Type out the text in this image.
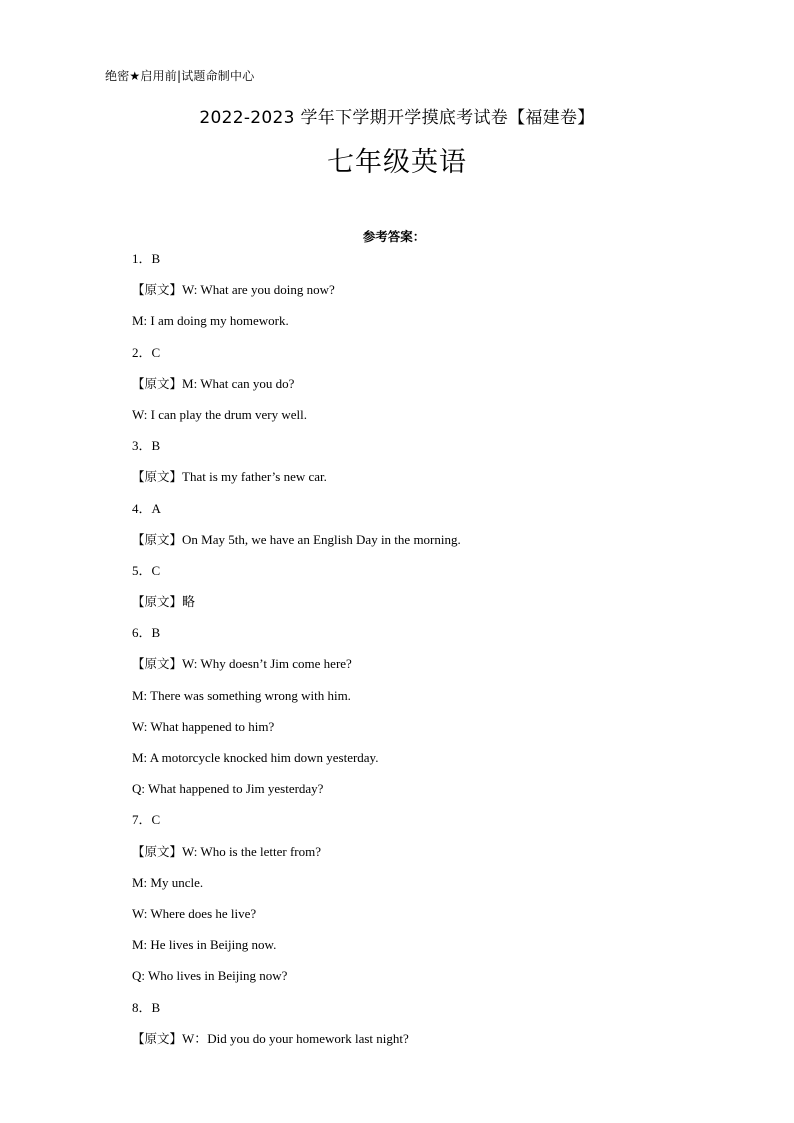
绝密★启用前|试题命制中心
2022-2023 学年下学期开学摸底考试卷【福建卷】
七年级英语
参考答案：
1．B
【原文】W: What are you doing now?
M: I am doing my homework.
2．C
【原文】M: What can you do?
W: I can play the drum very well.
3．B
【原文】That is my father’s new car.
4．A
【原文】On May 5th, we have an English Day in the morning.
5．C
【原文】略
6．B
【原文】W: Why doesn’t Jim come here?
M: There was something wrong with him.
W: What happened to him?
M: A motorcycle knocked him down yesterday.
Q: What happened to Jim yesterday?
7．C
【原文】W: Who is the letter from?
M: My uncle.
W: Where does he live?
M: He lives in Beijing now.
Q: Who lives in Beijing now?
8．B
【原文】W：Did you do your homework last night?
